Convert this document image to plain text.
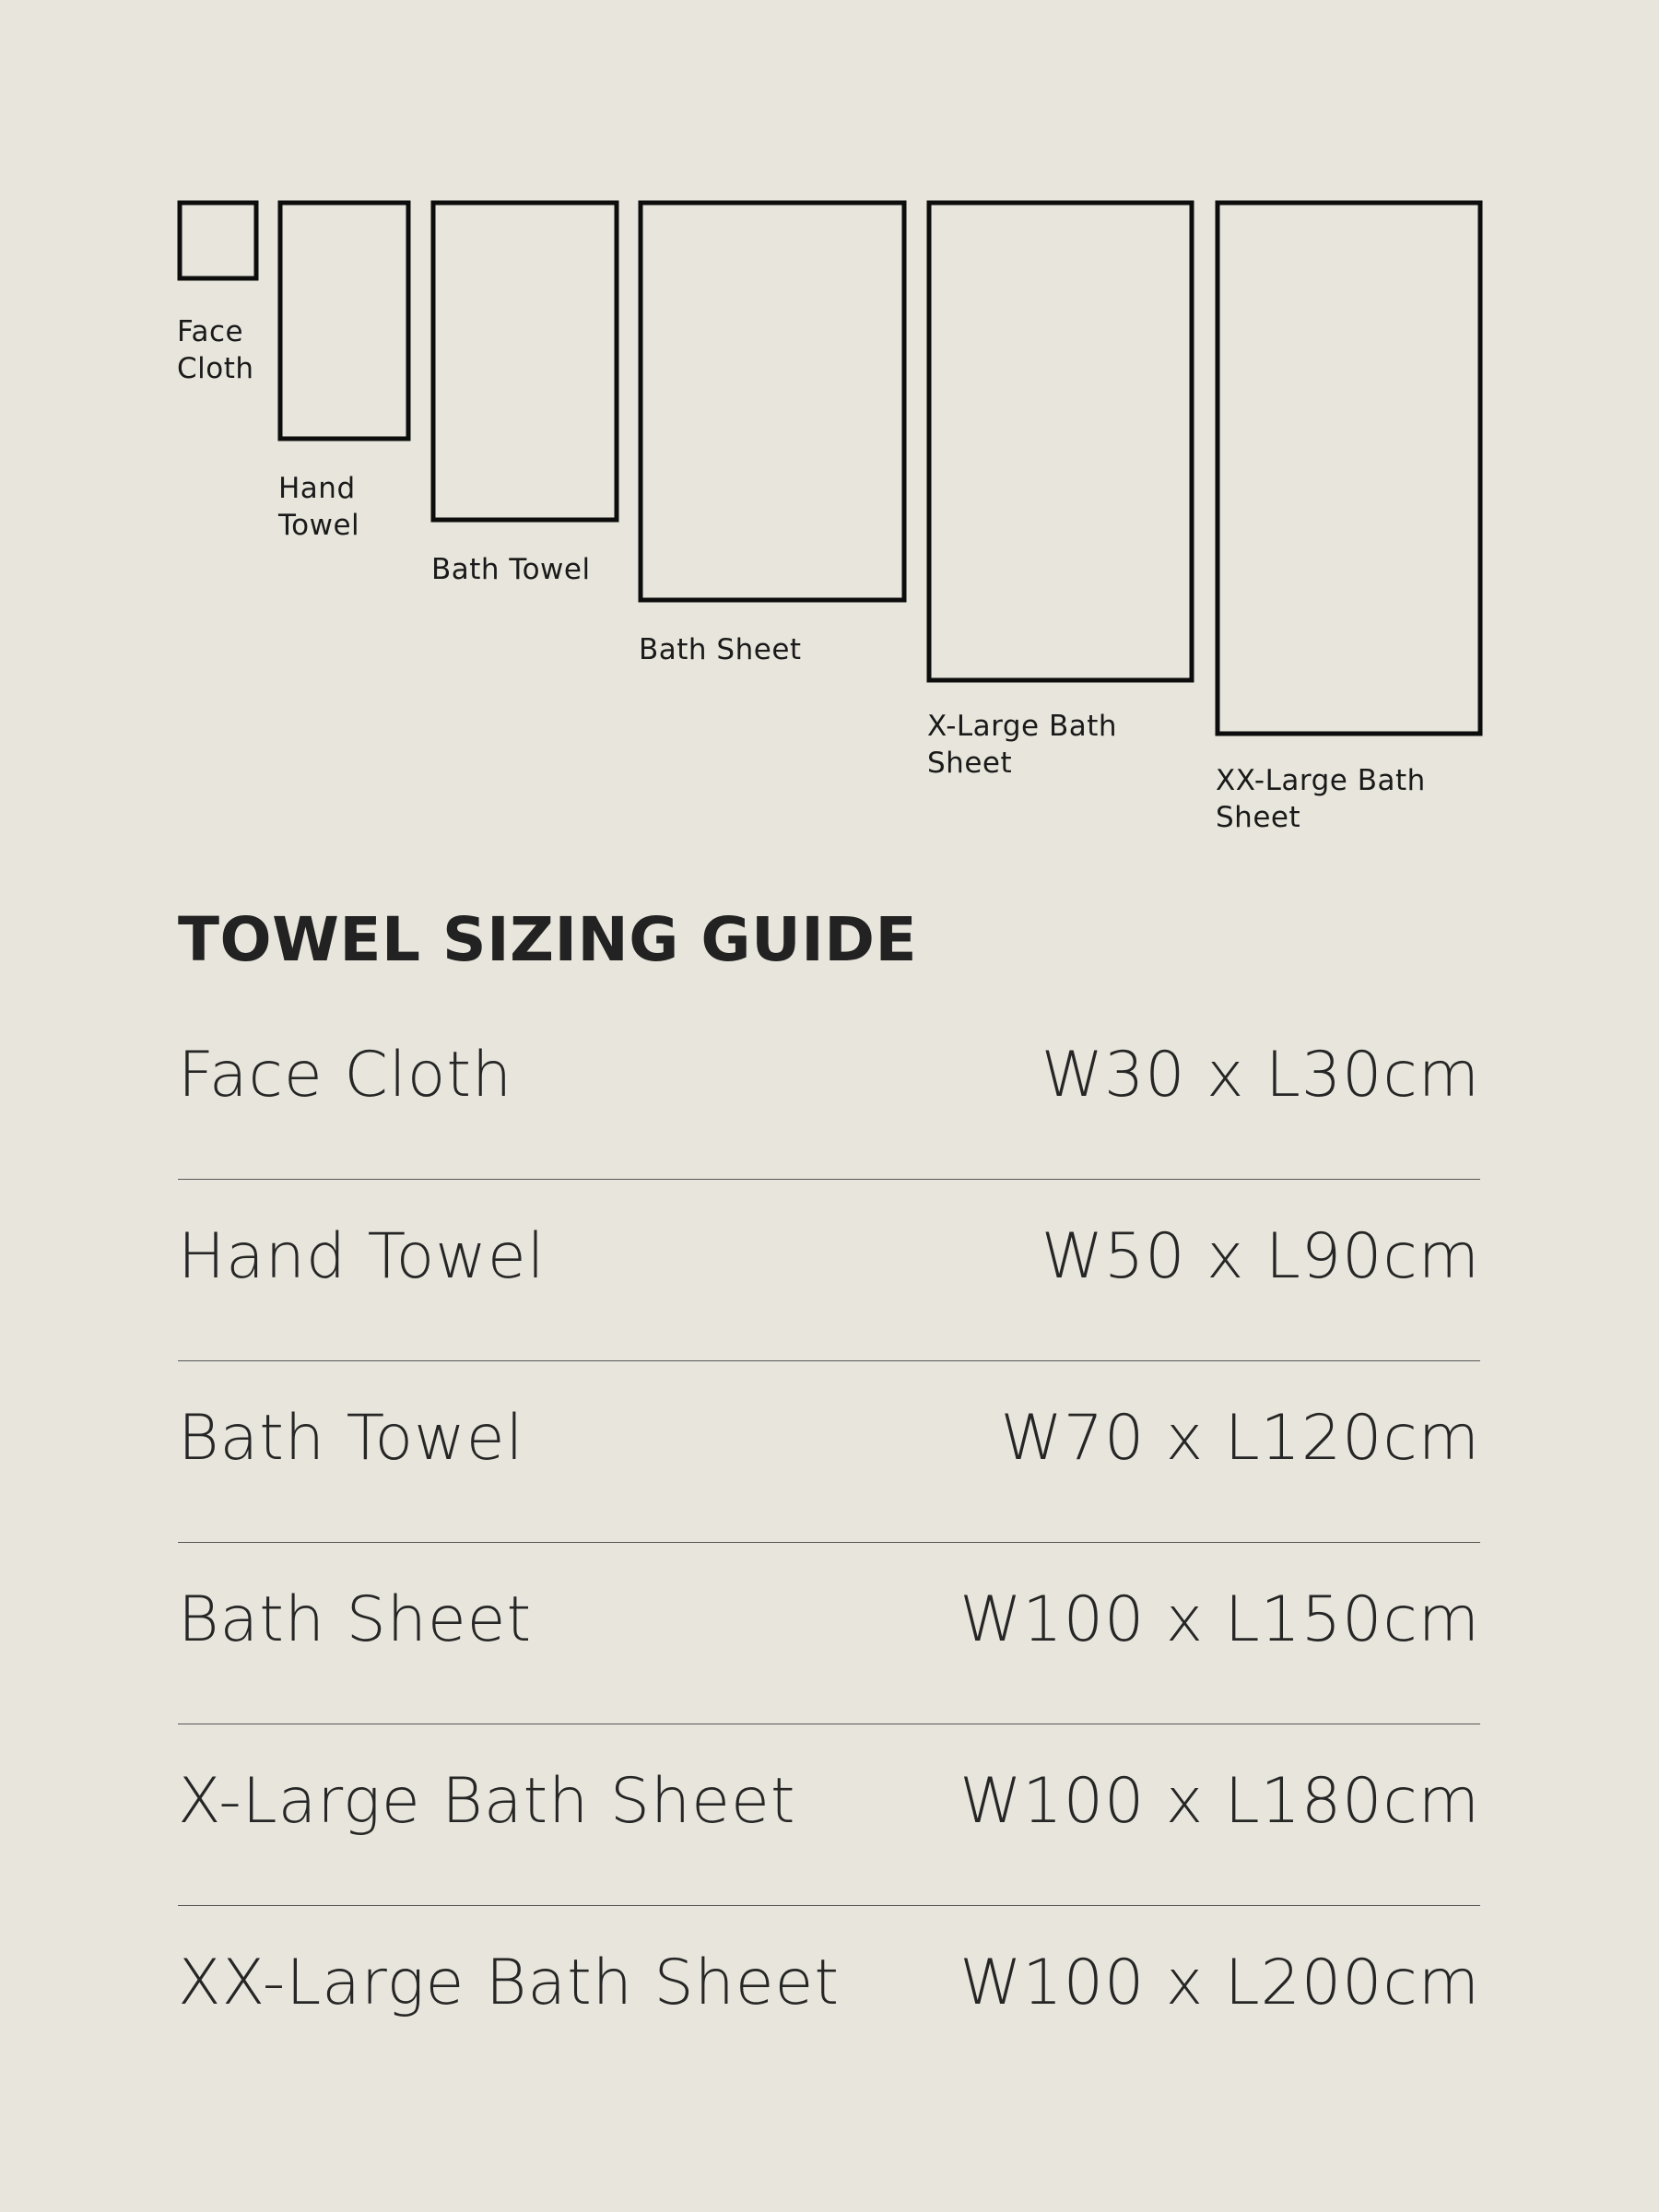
Face Cloth
Hand Towel
Bath Towel
Bath Sheet
X-Large Bath Sheet
XX-Large Bath Sheet
TOWEL SIZING GUIDE
Face Cloth	W30 x L30cm
Hand Towel	W50 x L90cm
Bath Towel	W70 x L120cm
Bath Sheet	W100 x L150cm
X-Large Bath Sheet	W100 x L180cm
XX-Large Bath Sheet W100 x L200cm
